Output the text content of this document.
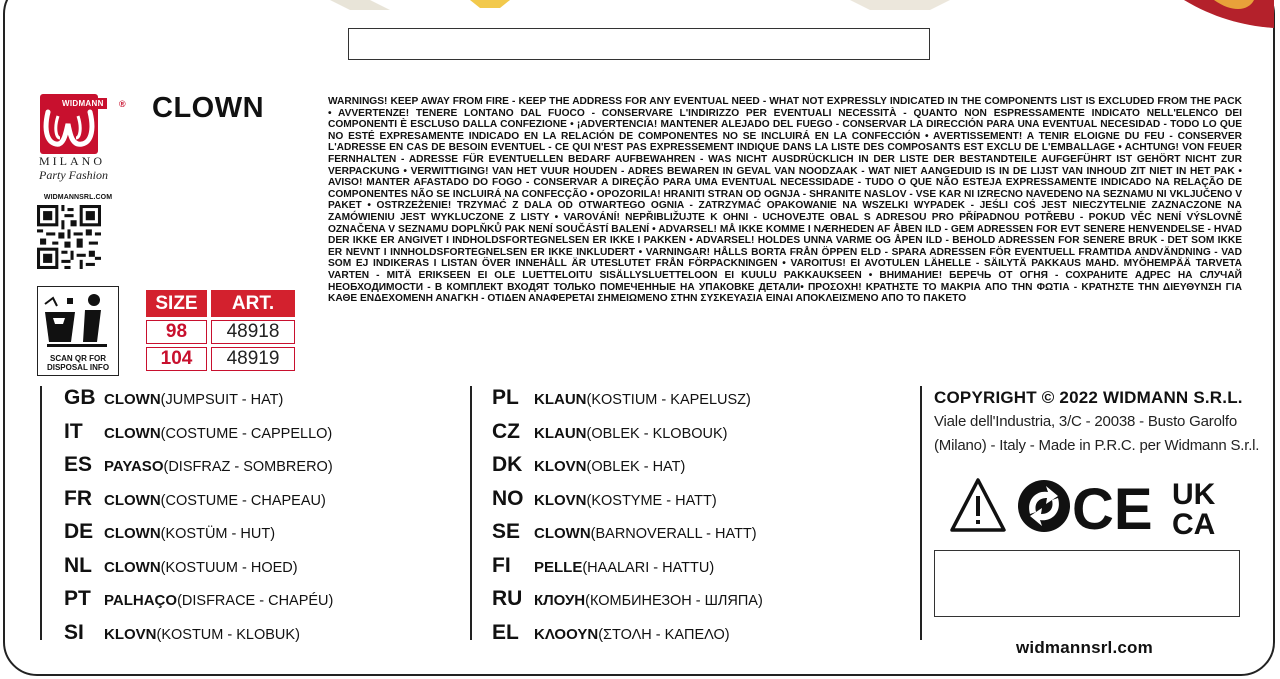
WIDMANN	®
MILANO
Party Fashion
CLOWN	WARNINGS! KEEP AWAY FROM FIRE - KEEP THE ADDRESS FOR ANY EVENTUAL NEED - WHAT NOT EXPRESSLY INDICATED IN THE COMPONENTS LIST IS EXCLUDED FROM THE PACK • AVVERTENZE! TENERE LONTANO DAL FUOCO - CONSERVARE L'INDIRIZZO PER EVENTUALI NECESSITÀ - QUANTO NON ESPRESSAMENTE INDICATO NELL'ELENCO DEI COMPONENTI È ESCLUSO DALLA CONFEZIONE • ¡ADVERTENCIA! MANTENER ALEJADO DEL FUEGO - CONSERVAR LA DIRECCIÓN PARA UNA EVENTUAL NECESIDAD - TODO LO QUE NO ESTÉ EXPRESAMENTE INDICADO EN LA RELACIÓN DE COMPONENTES NO SE INCLUIRÁ EN LA CONFECCIÓN • AVERTISSEMENT! A TENIR ELOIGNE DU FEU - CONSERVER L'ADRESSE EN CAS DE BESOIN EVENTUEL - CE QUI N'EST PAS EXPRESSEMENT INDIQUE DANS LA LISTE DES COMPOSANTS EST EXCLU DE L'EMBALLAGE • ACHTUNG! VON FEUER FERNHALTEN - ADRESSE FÜR EVENTUELLEN BEDARF AUFBEWAHREN - WAS NICHT AUSDRÜCKLICH IN DER LISTE DER BESTANDTEILE AUFGEFÜHRT IST GEHÖRT NICHT ZUR VERPACKUNG • VERWITTIGING! VAN HET VUUR HOUDEN - ADRES BEWAREN IN GEVAL VAN NOODZAAK - WAT NIET AANGEDUID IS IN DE LIJST VAN INHOUD ZIT NIET IN HET PAK • AVISO! MANTER AFASTADO DO FOGO - CONSERVAR A DIREÇÃO PARA UMA EVENTUAL NECESSIDADE - TUDO O QUE NÃO ESTEJA EXPRESSAMENTE INDICADO NA RELAÇÃO DE COMPONENTES NÃO SE INCLUIRÁ NA CONFECÇÃO • OPOZORILA! HRANITI STRAN OD OGNJA - SHRANITE NASLOV - VSE KAR NI IZRECNO NAVEDENO NA SEZNAMU NI VKLJUČENO V PAKET • OSTRZEŻENIE! TRZYMAĆ Z DALA OD OTWARTEGO OGNIA - ZATRZYMAĆ OPAKOWANIE NA WSZELKI WYPADEK - JEŚLI COŚ JEST NIECZYTELNIE ZAZNACZONE NA ZAMÓWIENIU JEST WYKLUCZONE Z LISTY • VAROVÁNÍ! NEPŘIBLIŽUJTE K OHNI - UCHOVEJTE OBAL S ADRESOU PRO PŘÍPADNOU POTŘEBU - POKUD VĚC NENÍ VÝSLOVNĚ OZNAČENA V SEZNAMU DOPLŇKŮ PAK NENÍ SOUČÁSTÍ BALENÍ • ADVARSEL! MÅ IKKE KOMME I NÆRHEDEN AF ÅBEN ILD - GEM ADRESSEN FOR EVT SENERE HENVENDELSE - HVAD DER IKKE ER ANGIVET I INDHOLDSFORTEGNELSEN ER IKKE I PAKKEN • ADVARSEL! HOLDES UNNA VARME OG ÅPEN ILD - BEHOLD ADRESSEN FOR SENERE BRUK - DET SOM IKKE ER NEVNT I INNHOLDSFORTEGNELSEN ER IKKE INKLUDERT • VARNINGAR! HÅLLS BORTA FRÅN ÖPPEN ELD - SPARA ADRESSEN FÖR EVENTUELL FRAMTIDA ANDVÄNDNING - VAD SOM EJ INDIKERAS I LISTAN ÖVER INNEHÅLL ÄR UTESLUTET FRÅN FÖRPACKNINGEN • VAROITUS! EI AVOTULEN LÄHELLE - SÄILYTÄ PAKKAUS MAHD. MYÖHEMPÄÄ TARVETA VARTEN - MITÄ ERIKSEEN EI OLE LUETTELOITU SISÄLLYSLUETTELOON EI KUULU PAKKAUKSEEN • ВНИМАНИЕ! БЕРЕЧЬ ОТ ОГНЯ - СОХРАНИТЕ АДРЕС НА СЛУЧАЙ НЕОБХОДИМОСТИ - В КОМПЛЕКТ ВХОДЯТ ТОЛЬКО ПОМЕЧЕННЫЕ НА УПАКОВКЕ ДЕТАЛИ• ΠΡΟΣΟΧΗ! ΚΡΑΤΗΣΤΕ ΤΟ ΜΑΚΡΙΑ ΑΠΟ ΤΗΝ ΦΩΤΙΑ - ΚΡΑΤΗΣΤΕ ΤΗΝ ΔΙΕΥΘΥΝΣΗ ΓΙΑ ΚΑΘΕ ΕΝΔΕΧΟΜΕΝΗ ΑΝΑΓΚΗ - ΟΤΙΔΕΝ ΑΝΑΦΕΡΕΤΑΙ ΣΗΜΕΙΩΜΕΝΟ ΣΤΗΝ ΣΥΣΚΕΥΑΣΙΑ ΕΙΝΑΙ ΑΠΟΚΛΕΙΣΜΕΝΟ ΑΠΟ ΤΟ ΠΑΚΕΤΟ
WIDMANNSRL.COM
SCAN QR FOR
DISPOSAL INFO
SIZE	ART.
98	48918
104	48919
GB CLOWN (JUMPSUIT - HAT)
IT	CLOWN (COSTUME - CAPPELLO)
ES PAYASO (DISFRAZ - SOMBRERO)
FR CLOWN (COSTUME - CHAPEAU)
DE CLOWN (KOSTÜM - HUT)
NL CLOWN (KOSTUUM - HOED)
PT PALHAÇO (DISFRACE - CHAPÉU)
SI	KLOVN (KOSTUM - KLOBUK)
PL	KLAUN (KOSTIUM - KAPELUSZ)
CZ KLAUN (OBLEK - KLOBOUK)
DK KLOVN (OBLEK - HAT)
NO KLOVN (KOSTYME - HATT)
SE CLOWN (BARNOVERALL - HATT)
FI	PELLE (HAALARI - HATTU)
RU КЛОУН (КОМБИНЕЗОН - ШЛЯПА)
EL	ΚΛΟΟΥΝ (ΣΤΟΛΗ - ΚΑΠΕΛΟ)
COPYRIGHT © 2022 WIDMANN S.R.L.
Viale dell'Industria, 3/C - 20038 - Busto Garolfo
(Milano) - Italy - Made in P.R.C. per Widmann S.r.l.
CE UK
CA
widmannsrl.com
